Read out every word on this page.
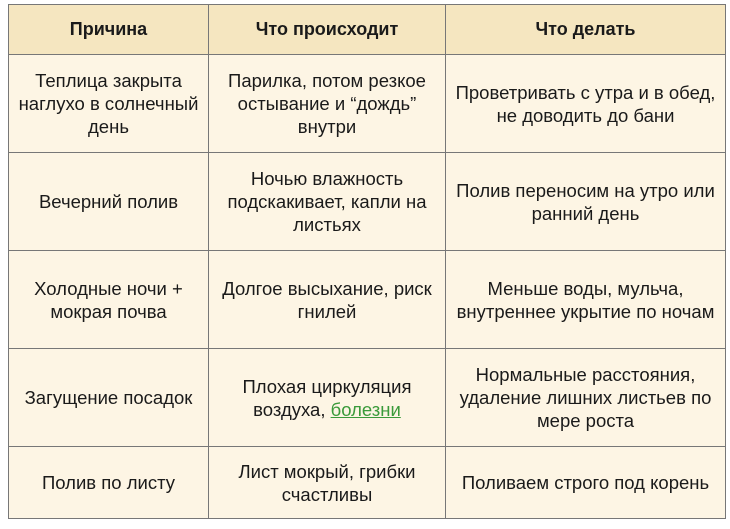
Причина	Что происходит	Что делать
Теплица закрыта наглухо в солнечный день	Парилка, потом резкое остывание и “дождь” внутри	Проветривать с утра и в обед, не доводить до бани
Вечерний полив	Ночью влажность подскакивает, капли на листьях	Полив переносим на утро или ранний день
Холодные ночи + мокрая почва	Долгое высыхание, риск гнилей	Меньше воды, мульча, внутреннее укрытие по ночам
Загущение посадок	Плохая циркуляция воздуха, болезни	Нормальные расстояния, удаление лишних листьев по мере роста
Полив по листу	Лист мокрый, грибки счастливы	Поливаем строго под корень
